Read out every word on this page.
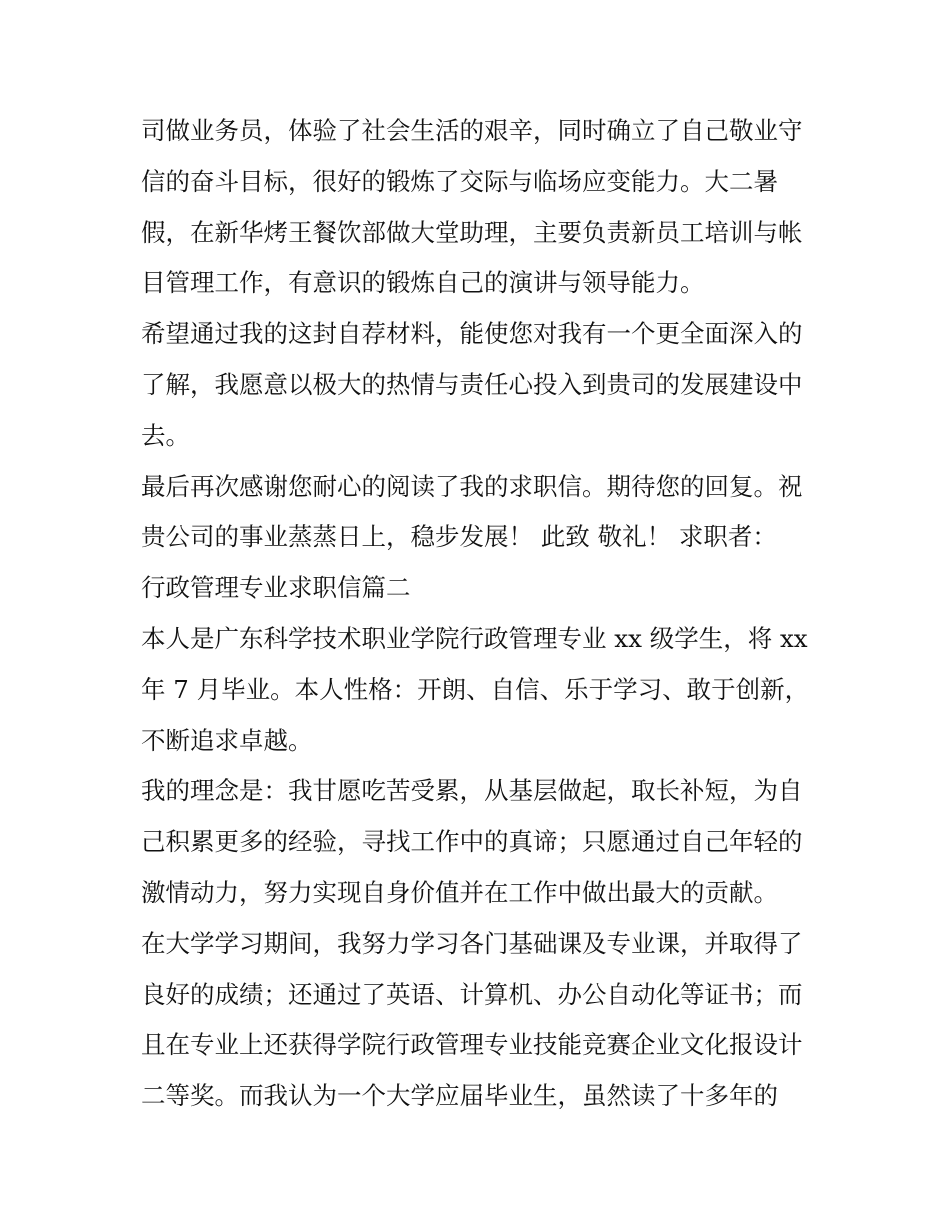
司做业务员，体验了社会生活的艰辛，同时确立了自己敬业守
信的奋斗目标，很好的锻炼了交际与临场应变能力。大二暑
假，在新华烤王餐饮部做大堂助理，主要负责新员工培训与帐
目管理工作，有意识的锻炼自己的演讲与领导能力。
希望通过我的这封自荐材料，能使您对我有一个更全面深入的
了解，我愿意以极大的热情与责任心投入到贵司的发展建设中
去。
最后再次感谢您耐心的阅读了我的求职信。期待您的回复。祝
贵公司的事业蒸蒸日上，稳步发展！ 此致 敬礼！ 求职者：
行政管理专业求职信篇二
本人是广东科学技术职业学院行政管理专业 xx 级学生，将 xx
年 7 月毕业。本人性格：开朗、自信、乐于学习、敢于创新，
不断追求卓越。
我的理念是：我甘愿吃苦受累，从基层做起，取长补短，为自
己积累更多的经验，寻找工作中的真谛；只愿通过自己年轻的
激情动力，努力实现自身价值并在工作中做出最大的贡献。
在大学学习期间，我努力学习各门基础课及专业课，并取得了
良好的成绩；还通过了英语、计算机、办公自动化等证书；而
且在专业上还获得学院行政管理专业技能竞赛企业文化报设计
二等奖。而我认为一个大学应届毕业生，虽然读了十多年的
